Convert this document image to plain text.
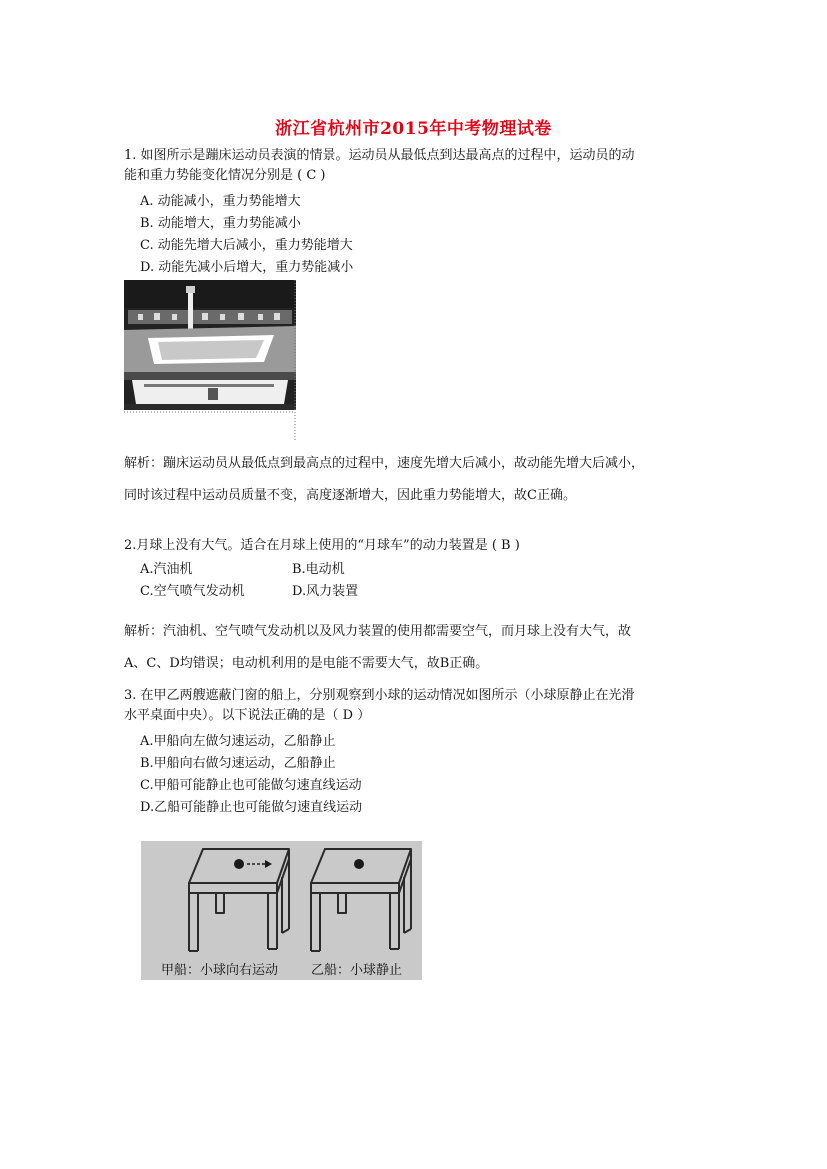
浙江省杭州市2015年中考物理试卷
1. 如图所示是蹦床运动员表演的情景。运动员从最低点到达最高点的过程中，运动员的动
能和重力势能变化情况分别是 ( C )
A. 动能减小，重力势能增大
B. 动能增大，重力势能减小
C. 动能先增大后减小，重力势能增大
D. 动能先减小后增大，重力势能减小
解析：蹦床运动员从最低点到最高点的过程中，速度先增大后减小，故动能先增大后减小，
同时该过程中运动员质量不变，高度逐渐增大，因此重力势能增大，故C正确。
2.月球上没有大气。适合在月球上使用的“月球车”的动力装置是 ( B )
A.汽油机	B.电动机
C.空气喷气发动机	D.风力装置
解析：汽油机、空气喷气发动机以及风力装置的使用都需要空气，而月球上没有大气，故
A、C、D均错误；电动机利用的是电能不需要大气，故B正确。
3. 在甲乙两艘遮蔽门窗的船上，分别观察到小球的运动情况如图所示（小球原静止在光滑
水平桌面中央）。以下说法正确的是（ D ）
A.甲船向左做匀速运动，乙船静止
B.甲船向右做匀速运动，乙船静止
C.甲船可能静止也可能做匀速直线运动
D.乙船可能静止也可能做匀速直线运动
甲船：小球向右运动	乙船：小球静止
